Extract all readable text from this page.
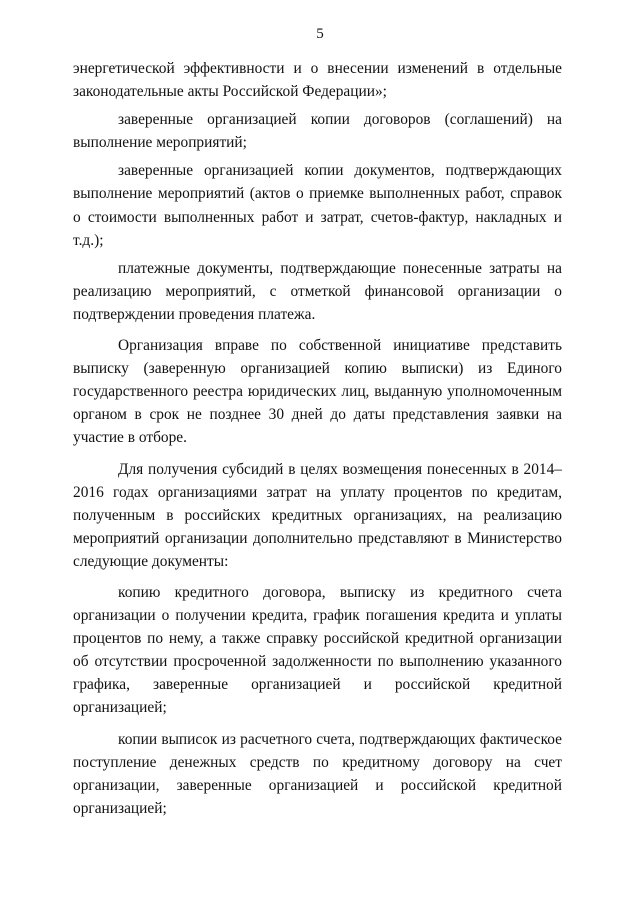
5

энергетической эффективности и о внесении изменений в отдельные законодательные акты Российской Федерации»;

заверенные организацией копии договоров (соглашений) на выполнение мероприятий;

заверенные организацией копии документов, подтверждающих выполнение мероприятий (актов о приемке выполненных работ, справок о стоимости выполненных работ и затрат, счетов-фактур, накладных и т.д.);

платежные документы, подтверждающие понесенные затраты на реализацию мероприятий, с отметкой финансовой организации о подтверждении проведения платежа.

Организация вправе по собственной инициативе представить выписку (заверенную организацией копию выписки) из Единого государственного реестра юридических лиц, выданную уполномоченным органом в срок не позднее 30 дней до даты представления заявки на участие в отборе.

Для получения субсидий в целях возмещения понесенных в 2014–2016 годах организациями затрат на уплату процентов по кредитам, полученным в российских кредитных организациях, на реализацию мероприятий организации дополнительно представляют в Министерство следующие документы:

копию кредитного договора, выписку из кредитного счета организации о получении кредита, график погашения кредита и уплаты процентов по нему, а также справку российской кредитной организации об отсутствии просроченной задолженности по выполнению указанного графика, заверенные организацией и российской кредитной организацией;

копии выписок из расчетного счета, подтверждающих фактическое поступление денежных средств по кредитному договору на счет организации, заверенные организацией и российской кредитной организацией;
